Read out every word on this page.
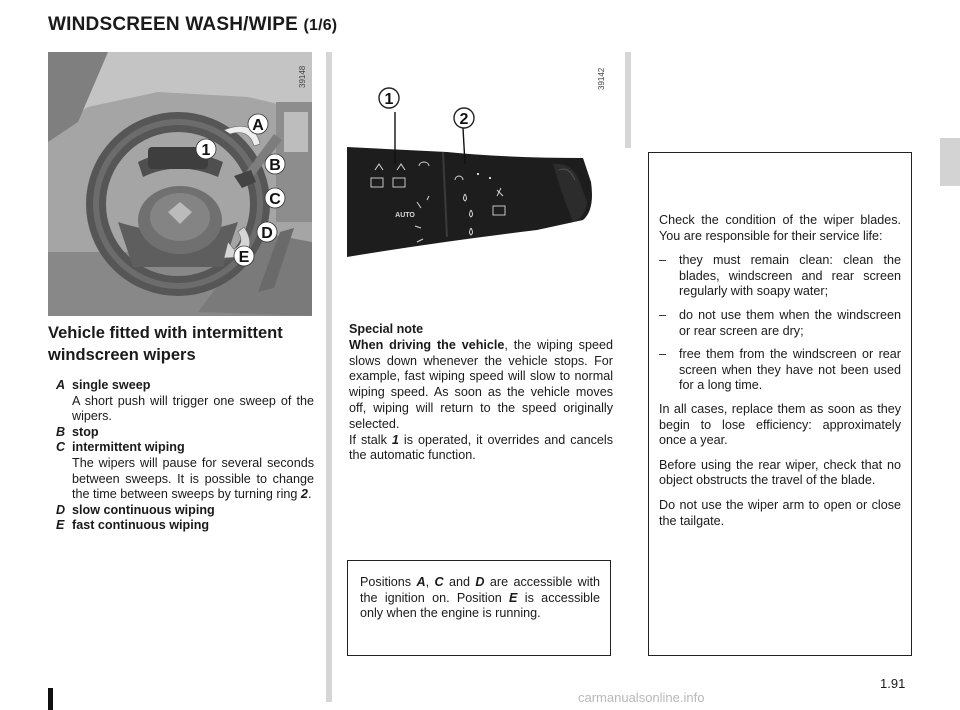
WINDSCREEN WASH/WIPE (1/6)
1
A
B
C
D
E
39148
AUTO
1
2
39142
Vehicle fitted with intermittent windscreen wipers
A single sweep
A short push will trigger one sweep of the wipers.
B stop
C intermittent wiping
The wipers will pause for several seconds between sweeps. It is possible to change the time between sweeps by turning ring 2.
D slow continuous wiping
E fast continuous wiping
Special note
When driving the vehicle, the wiping speed slows down whenever the vehicle stops. For example, fast wiping speed will slow to normal wiping speed. As soon as the vehicle moves off, wiping will return to the speed originally selected.
If stalk 1 is operated, it overrides and cancels the automatic function.
Positions A, C and D are accessible with the ignition on. Position E is accessible only when the engine is running.

Check the condition of the wiper blades. You are responsible for their service life:

–	they must remain clean: clean the blades, windscreen and rear screen regularly with soapy water;
–	do not use them when the windscreen or rear screen are dry;
–	free them from the windscreen or rear screen when they have not been used for a long time.

In all cases, replace them as soon as they begin to lose efficiency: approximately once a year.

Before using the rear wiper, check that no object obstructs the travel of the blade.

Do not use the wiper arm to open or close the tailgate.

1.91
carmanualsonline.info
